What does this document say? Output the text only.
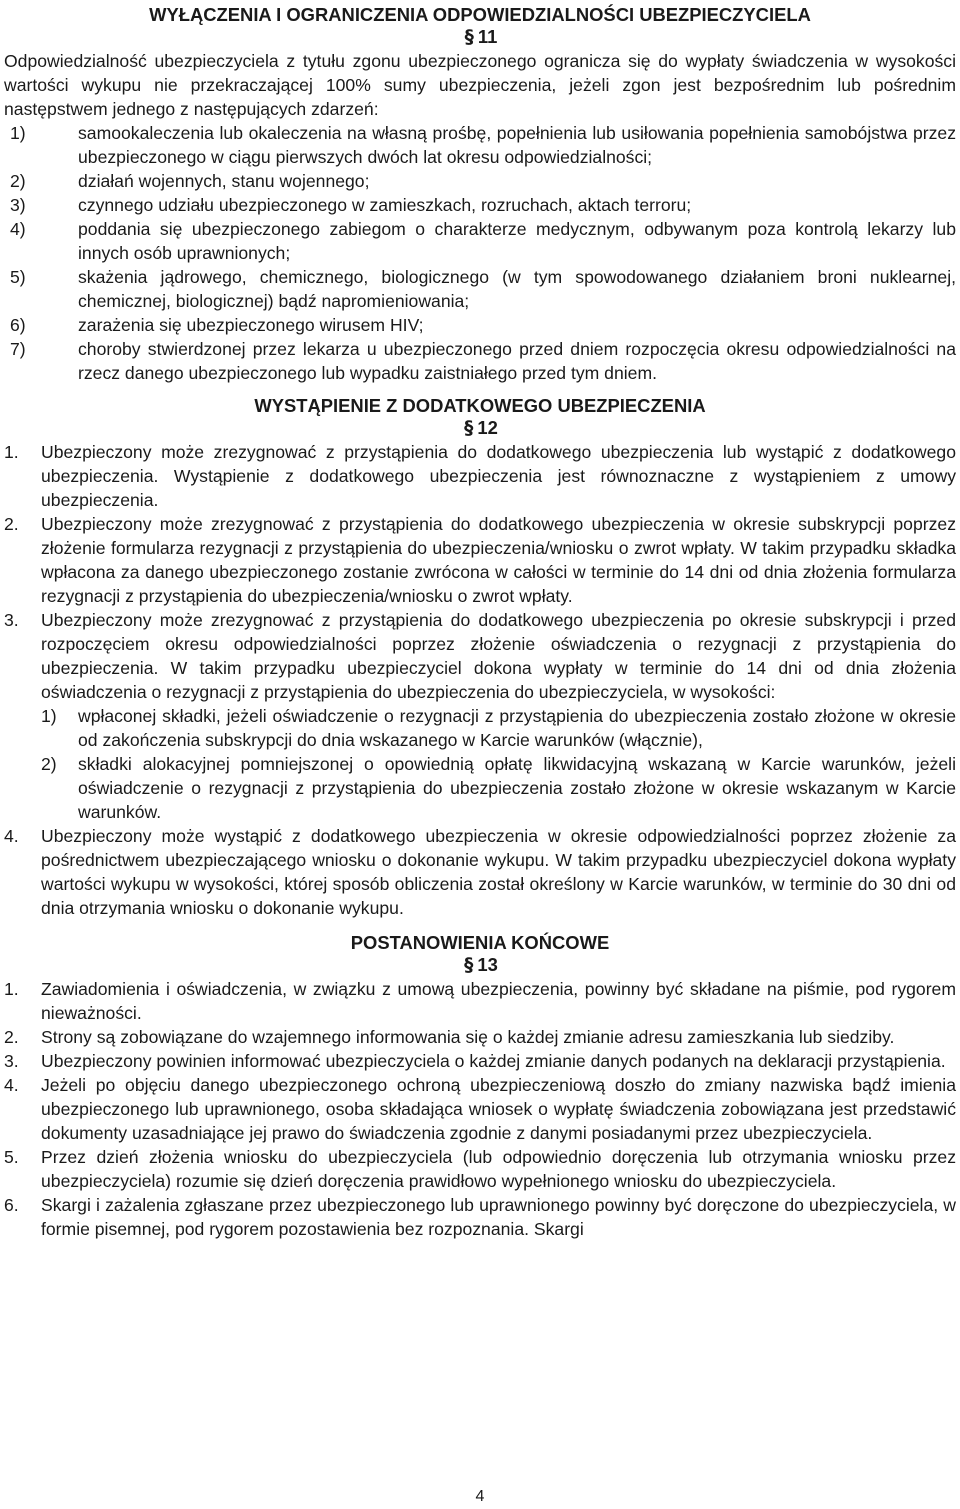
WYŁĄCZENIA I OGRANICZENIA ODPOWIEDZIALNOŚCI UBEZPIECZYCIELA
§ 11

Odpowiedzialność ubezpieczyciela z tytułu zgonu ubezpieczonego ogranicza się do wypłaty świadczenia w wysokości wartości wykupu nie przekraczającej 100% sumy ubezpieczenia, jeżeli zgon jest bezpośrednim lub pośrednim następstwem jednego z następujących zdarzeń:

1)	samookaleczenia lub okaleczenia na własną prośbę, popełnienia lub usiłowania popełnienia samobójstwa przez ubezpieczonego w ciągu pierwszych dwóch lat okresu odpowiedzialności;
2)	działań wojennych, stanu wojennego;
3)	czynnego udziału ubezpieczonego w zamieszkach, rozruchach, aktach terroru;
4)	poddania się ubezpieczonego zabiegom o charakterze medycznym, odbywanym poza kontrolą lekarzy lub innych osób uprawnionych;
5)	skażenia jądrowego, chemicznego, biologicznego (w tym spowodowanego działaniem broni nuklearnej, chemicznej, biologicznej) bądź napromieniowania;
6)	zarażenia się ubezpieczonego wirusem HIV;
7)	choroby stwierdzonej przez lekarza u ubezpieczonego przed dniem rozpoczęcia okresu odpowiedzialności na rzecz danego ubezpieczonego lub wypadku zaistniałego przed tym dniem.
WYSTĄPIENIE Z DODATKOWEGO UBEZPIECZENIA
§ 12
1. Ubezpieczony może zrezygnować z przystąpienia do dodatkowego ubezpieczenia lub wystąpić z dodatkowego ubezpieczenia. Wystąpienie z dodatkowego ubezpieczenia jest równoznaczne z wystąpieniem z umowy ubezpieczenia.
2. Ubezpieczony może zrezygnować z przystąpienia do dodatkowego ubezpieczenia w okresie subskrypcji poprzez złożenie formularza rezygnacji z przystąpienia do ubezpieczenia/wniosku o zwrot wpłaty. W takim przypadku składka wpłacona za danego ubezpieczonego zostanie zwrócona w całości w terminie do 14 dni od dnia złożenia formularza rezygnacji z przystąpienia do ubezpieczenia/wniosku o zwrot wpłaty.
3. Ubezpieczony może zrezygnować z przystąpienia do dodatkowego ubezpieczenia po okresie subskrypcji i przed rozpoczęciem okresu odpowiedzialności poprzez złożenie oświadczenia o rezygnacji z przystąpienia do ubezpieczenia. W takim przypadku ubezpieczyciel dokona wypłaty w terminie do 14 dni od dnia złożenia oświadczenia o rezygnacji z przystąpienia do ubezpieczenia do ubezpieczyciela, w wysokości:
1) wpłaconej składki, jeżeli oświadczenie o rezygnacji z przystąpienia do ubezpieczenia zostało złożone w okresie od zakończenia subskrypcji do dnia wskazanego w Karcie warunków (włącznie),
2) składki alokacyjnej pomniejszonej o opowiednią opłatę likwidacyjną wskazaną w Karcie warunków, jeżeli oświadczenie o rezygnacji z przystąpienia do ubezpieczenia zostało złożone w okresie wskazanym w Karcie warunków.
4. Ubezpieczony może wystąpić z dodatkowego ubezpieczenia w okresie odpowiedzialności poprzez złożenie za pośrednictwem ubezpieczającego wniosku o dokonanie wykupu. W takim przypadku ubezpieczyciel dokona wypłaty wartości wykupu w wysokości, której sposób obliczenia został określony w Karcie warunków, w terminie do 30 dni od dnia otrzymania wniosku o dokonanie wykupu.
POSTANOWIENIA KOŃCOWE
§ 13
1. Zawiadomienia i oświadczenia, w związku z umową ubezpieczenia, powinny być składane na piśmie, pod rygorem nieważności.
2. Strony są zobowiązane do wzajemnego informowania się o każdej zmianie adresu zamieszkania lub siedziby.
3. Ubezpieczony powinien informować ubezpieczyciela o każdej zmianie danych podanych na deklaracji przystąpienia.
4. Jeżeli po objęciu danego ubezpieczonego ochroną ubezpieczeniową doszło do zmiany nazwiska bądź imienia ubezpieczonego lub uprawnionego, osoba składająca wniosek o wypłatę świadczenia zobowiązana jest przedstawić dokumenty uzasadniające jej prawo do świadczenia zgodnie z danymi posiadanymi przez ubezpieczyciela.
5. Przez dzień złożenia wniosku do ubezpieczyciela (lub odpowiednio doręczenia lub otrzymania wniosku przez ubezpieczyciela) rozumie się dzień doręczenia prawidłowo wypełnionego wniosku do ubezpieczyciela.
6. Skargi i zażalenia zgłaszane przez ubezpieczonego lub uprawnionego powinny być doręczone do ubezpieczyciela, w formie pisemnej, pod rygorem pozostawienia bez rozpoznania. Skargi
4
